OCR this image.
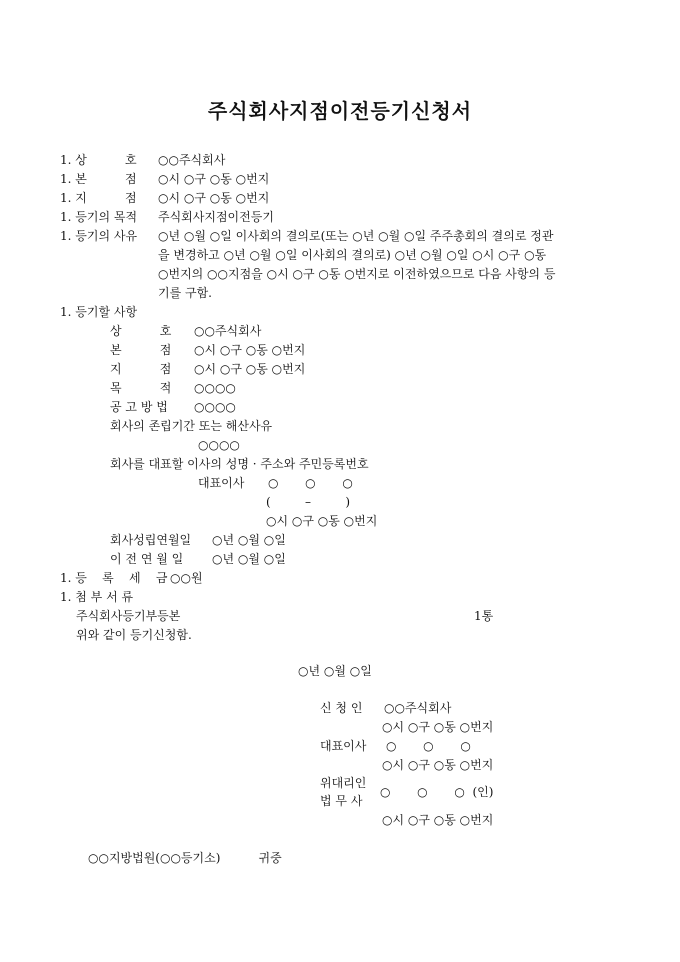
주식회사지점이전등기신청서
1. 상          호 ○○주식회사
1. 본          점 ○시 ○구 ○동 ○번지
1. 지          점 ○시 ○구 ○동 ○번지
1. 등기의 목적 주식회사지점이전등기
1. 등기의 사유 ○년 ○월 ○일 이사회의 결의로(또는 ○년 ○월 ○일 주주총회의 결의로 정관
을 변경하고 ○년 ○월 ○일 이사회의 결의로) ○년 ○월 ○일 ○시 ○구 ○동
○번지의 ○○지점을 ○시 ○구 ○동 ○번지로 이전하였으므로 다음 사항의 등
기를 구함.
1. 등기할 사항
상          호 ○○주식회사
본          점 ○시 ○구 ○동 ○번지
지          점 ○시 ○구 ○동 ○번지
목          적 ○○○○
공 고 방 법 ○○○○
회사의 존립기간 또는 해산사유
○○○○
회사를 대표할 이사의 성명 · 주소와 주민등록번호
대표이사 ○       ○       ○
(         –         )
○시 ○구 ○동 ○번지
회사성립연월일 ○년 ○월 ○일
이 전 연 월 일 ○년 ○월 ○일
1. 등    록    세    금 ○○원
1. 첨 부 서 류
주식회사등기부등본	1통
위와 같이 등기신청함.
○년 ○월 ○일
신 청 인 ○○주식회사
○시 ○구 ○동 ○번지
대표이사 ○       ○       ○
○시 ○구 ○동 ○번지
위대리인
법 무 사
○       ○       ○  (인)
○시 ○구 ○동 ○번지
○○지방법원(○○등기소)          귀중
